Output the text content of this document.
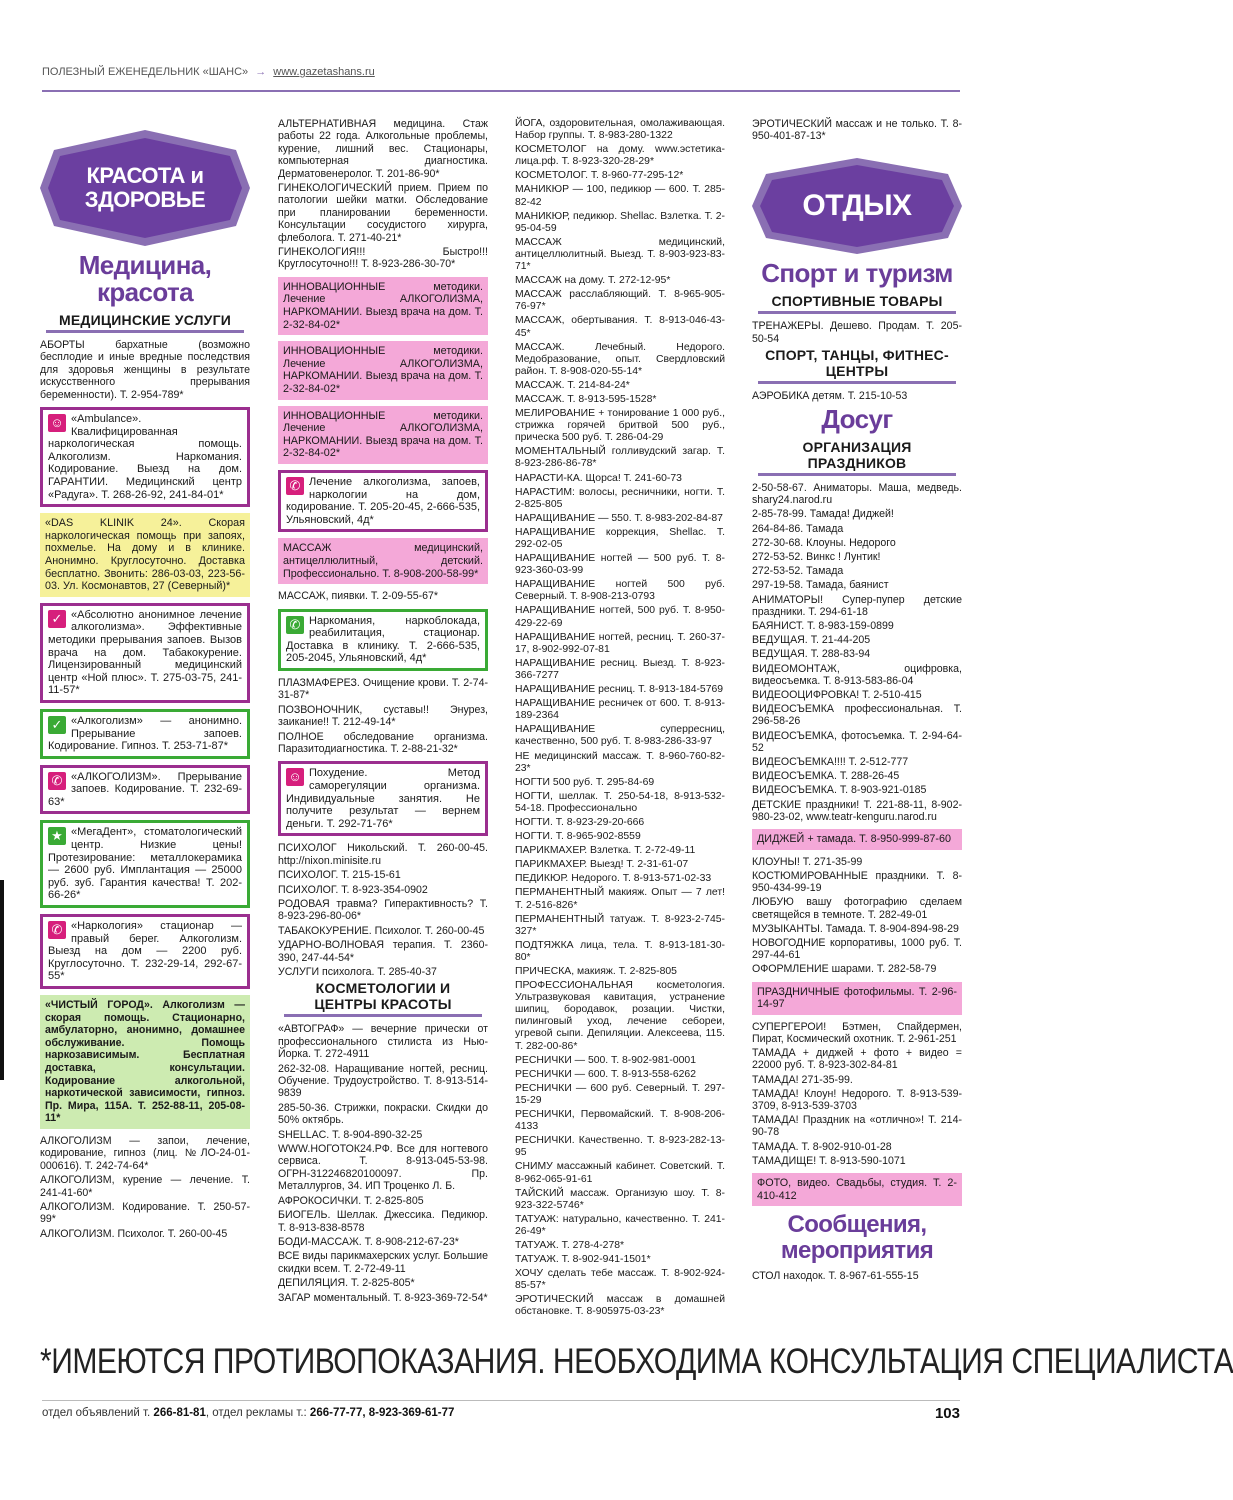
ПОЛЕЗНЫЙ ЕЖЕНЕДЕЛЬНИК «ШАНС» → www.gazetashans.ru
КРАСОТА и
ЗДОРОВЬЕ
Медицина, красота
МЕДИЦИНСКИЕ УСЛУГИ
АБОРТЫ бархатные (возможно бесплодие и иные вредные последствия для здоровья женщины в результате искусственного прерывания беременности). Т. 2-954-789*
☺ «Ambulance». Квалифицированная наркологическая помощь. Алкоголизм. Наркомания. Кодирование. Выезд на дом. ГАРАНТИИ. Медицинский центр «Радуга». Т. 268-26-92, 241-84-01*
«DAS KLINIK 24». Скорая наркологическая помощь при запоях, похмелье. На дому и в клинике. Анонимно. Круглосуточно. Доставка бесплатно. Звонить: 286-03-03, 223-56-03. Ул. Космонавтов, 27 (Северный)*
✓ «Абсолютно анонимное лечение алкоголизма». Эффективные методики прерывания запоев. Вызов врача на дом. Табакокурение. Лицензированный медицинский центр «Ной плюс». Т. 275-03-75, 241-11-57*
✓ «Алкоголизм» — анонимно. Прерывание запоев. Кодирование. Гипноз. Т. 253-71-87*
✆ «АЛКОГОЛИЗМ». Прерывание запоев. Кодирование. Т. 232-69-63*
★ «МегаДент», стоматологический центр. Низкие цены! Протезирование: металлокерамика — 2600 руб. Имплантация — 25000 руб. зуб. Гарантия качества! Т. 202-66-26*
✆ «Наркология» стационар — правый берег. Алкоголизм. Выезд на дом — 2200 руб. Круглосуточно. Т. 232-29-14, 292-67-55*
«ЧИСТЫЙ ГОРОД». Алкоголизм — скорая помощь. Стационарно, амбулаторно, анонимно, домашнее обслуживание. Помощь наркозависимым. Бесплатная доставка, консультации. Кодирование алкогольной, наркотической зависимости, гипноз. Пр. Мира, 115А. Т. 252-88-11, 205-08-11*
АЛКОГОЛИЗМ — запои, лечение, кодирование, гипноз (лиц. №ЛО-24-01-000616). Т. 242-74-64*
АЛКОГОЛИЗМ, курение — лечение. Т. 241-41-60*
АЛКОГОЛИЗМ. Кодирование. Т. 250-57-99*
АЛКОГОЛИЗМ. Психолог. Т. 260-00-45
АЛЬТЕРНАТИВНАЯ медицина. Стаж работы 22 года. Алкогольные проблемы, курение, лишний вес. Стационары, компьютерная диагностика. Дерматовенеролог. Т. 201-86-90*
ГИНЕКОЛОГИЧЕСКИЙ прием. Прием по патологии шейки матки. Обследование при планировании беременности. Консультации сосудистого хирурга, флеболога. Т. 271-40-21*
ГИНЕКОЛОГИЯ!!! Быстро!!! Круглосуточно!!! Т. 8-923-286-30-70*
ИННОВАЦИОННЫЕ методики. Лечение АЛКОГОЛИЗМА, НАРКОМАНИИ. Выезд врача на дом. Т. 2-32-84-02*
ИННОВАЦИОННЫЕ методики. Лечение АЛКОГОЛИЗМА, НАРКОМАНИИ. Выезд врача на дом. Т. 2-32-84-02*
ИННОВАЦИОННЫЕ методики. Лечение АЛКОГОЛИЗМА, НАРКОМАНИИ. Выезд врача на дом. Т. 2-32-84-02*
✆ Лечение алкоголизма, запоев, наркологии на дом, кодирование. Т. 205-20-45, 2-666-535, Ульяновский, 4д*
МАССАЖ медицинский, антицеллюлитный, детский. Профессионально. Т. 8-908-200-58-99*
МАССАЖ, пиявки. Т. 2-09-55-67*
✆ Наркомания, наркоблокада, реабилитация, стационар. Доставка в клинику. Т. 2-666-535, 205-2045, Ульяновский, 4д*
ПЛАЗМАФЕРЕЗ. Очищение крови. Т. 2-74-31-87*
ПОЗВОНОЧНИК, суставы!! Энурез, заикание!! Т. 212-49-14*
ПОЛНОЕ обследование организма. Паразитодиагностика. Т. 2-88-21-32*
☺ Похудение. Метод саморегуляции организма. Индивидуальные занятия. Не получите результат — вернем деньги. Т. 292-71-76*
ПСИХОЛОГ Никольский. Т. 260-00-45. http://nixon.minisite.ru
ПСИХОЛОГ. Т. 215-15-61
ПСИХОЛОГ. Т. 8-923-354-0902
РОДОВАЯ травма? Гиперактивность? Т. 8-923-296-80-06*
ТАБАКОКУРЕНИЕ. Психолог. Т. 260-00-45
УДАРНО-ВОЛНОВАЯ терапия. Т. 2360-390, 247-44-54*
УСЛУГИ психолога. Т. 285-40-37
КОСМЕТОЛОГИИ И ЦЕНТРЫ КРАСОТЫ
«АВТОГРАФ» — вечерние прически от профессионального стилиста из Нью-Йорка. Т. 272-4911
262-32-08. Наращивание ногтей, ресниц. Обучение. Трудоустройство. Т. 8-913-514-9839
285-50-36. Стрижки, покраски. Скидки до 50% октябрь.
SHELLAC. Т. 8-904-890-32-25
WWW.НОГОТОК24.РФ. Все для ногтевого сервиса. Т. 8-913-045-53-98. ОГРН-312246820100097. Пр. Металлургов, 34. ИП Троценко Л. Б.
АФРОКОСИЧКИ. Т. 2-825-805
БИОГЕЛЬ. Шеллак. Джессика. Педикюр. Т. 8-913-838-8578
БОДИ-МАССАЖ. Т. 8-908-212-67-23*
ВСЕ виды парикмахерских услуг. Большие скидки всем. Т. 2-72-49-11
ДЕПИЛЯЦИЯ. Т. 2-825-805*
ЗАГАР моментальный. Т. 8-923-369-72-54*
ЙОГА, оздоровительная, омолаживающая. Набор группы. Т. 8-983-280-1322
КОСМЕТОЛОГ на дому. www.эстетика-лица.рф. Т. 8-923-320-28-29*
КОСМЕТОЛОГ. Т. 8-960-77-295-12*
МАНИКЮР — 100, педикюр — 600. Т. 285-82-42
МАНИКЮР, педикюр. Shellac. Взлетка. Т. 2-95-04-59
МАССАЖ медицинский, антицеллюлитный. Выезд. Т. 8-903-923-83-71*
МАССАЖ на дому. Т. 272-12-95*
МАССАЖ расслабляющий. Т. 8-965-905-76-97*
МАССАЖ, обертывания. Т. 8-913-046-43-45*
МАССАЖ. Лечебный. Недорого. Медобразование, опыт. Свердловский район. Т. 8-908-020-55-14*
МАССАЖ. Т. 214-84-24*
МАССАЖ. Т. 8-913-595-1528*
МЕЛИРОВАНИЕ + тонирование 1 000 руб., стрижка горячей бритвой 500 руб., прическа 500 руб. Т. 286-04-29
МОМЕНТАЛЬНЫЙ голливудский загар. Т. 8-923-286-86-78*
НАРАСТИ-КА. Щорса! Т. 241-60-73
НАРАСТИМ: волосы, ресничники, ногти. Т. 2-825-805
НАРАЩИВАНИЕ — 550. Т. 8-983-202-84-87
НАРАЩИВАНИЕ коррекция, Shellac. Т. 292-02-05
НАРАЩИВАНИЕ ногтей — 500 руб. Т. 8-923-360-03-99
НАРАЩИВАНИЕ ногтей 500 руб. Северный. Т. 8-908-213-0793
НАРАЩИВАНИЕ ногтей, 500 руб. Т. 8-950-429-22-69
НАРАЩИВАНИЕ ногтей, ресниц. Т. 260-37-17, 8-902-992-07-81
НАРАЩИВАНИЕ ресниц. Выезд. Т. 8-923-366-7277
НАРАЩИВАНИЕ ресниц. Т. 8-913-184-5769
НАРАЩИВАНИЕ ресничек от 600. Т. 8-913-189-2364
НАРАЩИВАНИЕ суперресниц, качественно, 500 руб. Т. 8-983-286-33-97
НЕ медицинский массаж. Т. 8-960-760-82-23*
НОГТИ 500 руб. Т. 295-84-69
НОГТИ, шеллак. Т. 250-54-18, 8-913-532-54-18. Профессионально
НОГТИ. Т. 8-923-29-20-666
НОГТИ. Т. 8-965-902-8559
ПАРИКМАХЕР. Взлетка. Т. 2-72-49-11
ПАРИКМАХЕР. Выезд! Т. 2-31-61-07
ПЕДИКЮР. Недорого. Т. 8-913-571-02-33
ПЕРМАНЕНТНЫЙ макияж. Опыт — 7 лет! Т. 2-516-826*
ПЕРМАНЕНТНЫЙ татуаж. Т. 8-923-2-745-327*
ПОДТЯЖКА лица, тела. Т. 8-913-181-30-80*
ПРИЧЕСКА, макияж. Т. 2-825-805
ПРОФЕССИОНАЛЬНАЯ косметология. Ультразвуковая кавитация, устранение шипиц, бородавок, розации. Чистки, пилинговый уход, лечение себореи, угревой сыпи. Депиляции. Алексеева, 115. Т. 282-00-86*
РЕСНИЧКИ — 500. Т. 8-902-981-0001
РЕСНИЧКИ — 600. Т. 8-913-558-6262
РЕСНИЧКИ — 600 руб. Северный. Т. 297-15-29
РЕСНИЧКИ, Первомайский. Т. 8-908-206-4133
РЕСНИЧКИ. Качественно. Т. 8-923-282-13-95
СНИМУ массажный кабинет. Советский. Т. 8-962-065-91-61
ТАЙСКИЙ массаж. Организую шоу. Т. 8-923-322-5746*
ТАТУАЖ: натурально, качественно. Т. 241-26-49*
ТАТУАЖ. Т. 278-4-278*
ТАТУАЖ. Т. 8-902-941-1501*
ХОЧУ сделать тебе массаж. Т. 8-902-924-85-57*
ЭРОТИЧЕСКИЙ массаж в домашней обстановке. Т. 8-905975-03-23*
ЭРОТИЧЕСКИЙ массаж и не только. Т. 8-950-401-87-13*
ОТДЫХ
Спорт и туризм
СПОРТИВНЫЕ ТОВАРЫ
ТРЕНАЖЕРЫ. Дешево. Продам. Т. 205-50-54
СПОРТ, ТАНЦЫ, ФИТНЕС-ЦЕНТРЫ
АЭРОБИКА детям. Т. 215-10-53
Досуг
ОРГАНИЗАЦИЯ ПРАЗДНИКОВ
2-50-58-67. Аниматоры. Маша, медведь. shary24.narod.ru
2-85-78-99. Тамада! Диджей!
264-84-86. Тамада
272-30-68. Клоуны. Недорого
272-53-52. Винкс ! Лунтик!
272-53-52. Тамада
297-19-58. Тамада, баянист
АНИМАТОРЫ! Супер-пупер детские праздники. Т. 294-61-18
БАЯНИСТ. Т. 8-983-159-0899
ВЕДУЩАЯ. Т. 21-44-205
ВЕДУЩАЯ. Т. 288-83-94
ВИДЕОМОНТАЖ, оцифровка, видеосъемка. Т. 8-913-583-86-04
ВИДЕООЦИФРОВКА! Т. 2-510-415
ВИДЕОСЪЕМКА профессиональная. Т. 296-58-26
ВИДЕОСЪЕМКА, фотосъемка. Т. 2-94-64-52
ВИДЕОСЪЕМКА!!!! Т. 2-512-777
ВИДЕОСЪЕМКА. Т. 288-26-45
ВИДЕОСЪЕМКА. Т. 8-903-921-0185
ДЕТСКИЕ праздники! Т. 221-88-11, 8-902-980-23-02, www.teatr-kenguru.narod.ru
ДИДЖЕЙ + тамада. Т. 8-950-999-87-60
КЛОУНЫ! Т. 271-35-99
КОСТЮМИРОВАННЫЕ праздники. Т. 8-950-434-99-19
ЛЮБУЮ вашу фотографию сделаем светящейся в темноте. Т. 282-49-01
МУЗЫКАНТЫ. Тамада. Т. 8-904-894-98-29
НОВОГОДНИЕ корпоративы, 1000 руб. Т. 297-44-61
ОФОРМЛЕНИЕ шарами. Т. 282-58-79
ПРАЗДНИЧНЫЕ фотофильмы. Т. 2-96-14-97
СУПЕРГЕРОИ! Бэтмен, Спайдермен, Пират, Космический охотник. Т. 2-961-251
ТАМАДА + диджей + фото + видео = 22000 руб. Т. 8-923-302-84-81
ТАМАДА! 271-35-99.
ТАМАДА! Клоун! Недорого. Т. 8-913-539-3709, 8-913-539-3703
ТАМАДА! Праздник на «отлично»! Т. 214-90-78
ТАМАДА. Т. 8-902-910-01-28
ТАМАДИЩЕ! Т. 8-913-590-1071
ФОТО, видео. Свадьбы, студия. Т. 2-410-412
Сообщения, мероприятия
СТОЛ находок. Т. 8-967-61-555-15
*ИМЕЮТСЯ ПРОТИВОПОКАЗАНИЯ. НЕОБХОДИМА КОНСУЛЬТАЦИЯ СПЕЦИАЛИСТА
отдел объявлений т. 266-81-81, отдел рекламы т.: 266-77-77, 8-923-369-61-77	103
